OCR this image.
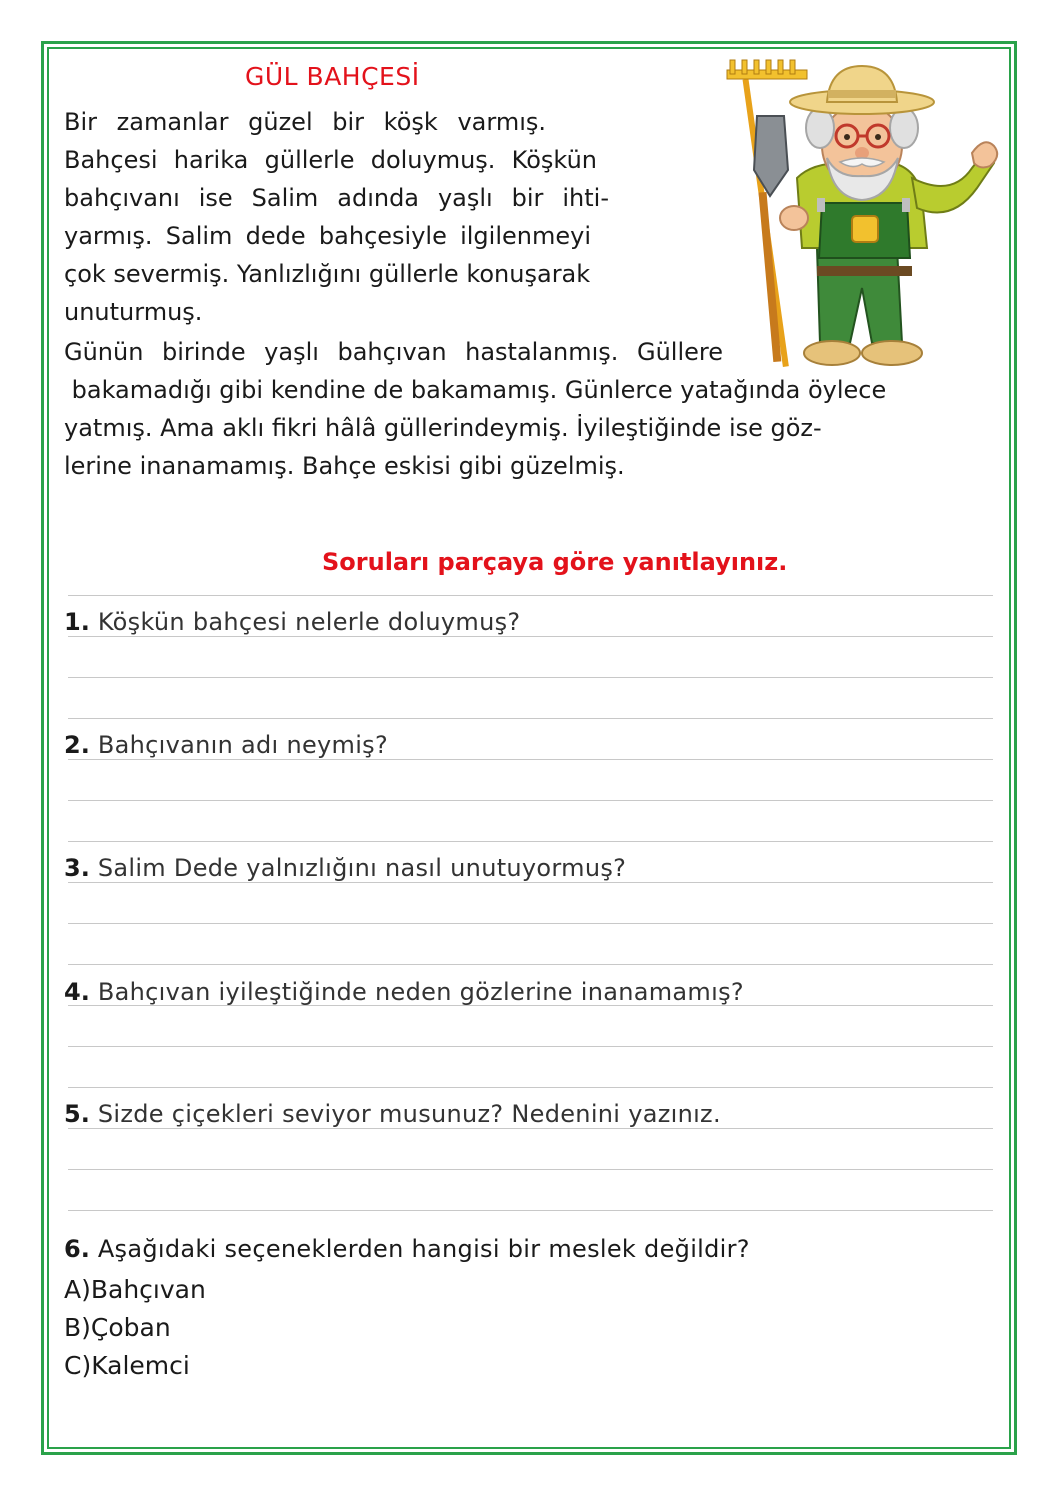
GÜL BAHÇESİ
Bir zamanlar güzel bir köşk varmış.
Bahçesi harika güllerle doluymuş. Köşkün
bahçıvanı ise Salim adında yaşlı bir ihti-
yarmış. Salim dede bahçesiyle ilgilenmeyi
çok severmiş. Yanlızlığını güllerle konuşarak
unuturmuş.
Günün birinde yaşlı bahçıvan hastalanmış. Güllere
bakamadığı gibi kendine de bakamamış. Günlerce yatağında öylece
yatmış. Ama aklı fikri hâlâ güllerindeymiş. İyileştiğinde ise göz-
lerine inanamamış. Bahçe eskisi gibi güzelmiş.

Soruları parçaya göre yanıtlayınız.

1. Köşkün bahçesi nelerle doluymuş?
2. Bahçıvanın adı neymiş?
3. Salim Dede yalnızlığını nasıl unutuyormuş?
4. Bahçıvan iyileştiğinde neden gözlerine inanamamış?
5. Sizde çiçekleri seviyor musunuz? Nedenini yazınız.
6. Aşağıdaki seçeneklerden hangisi bir meslek değildir?
A)Bahçıvan
B)Çoban
C)Kalemci
